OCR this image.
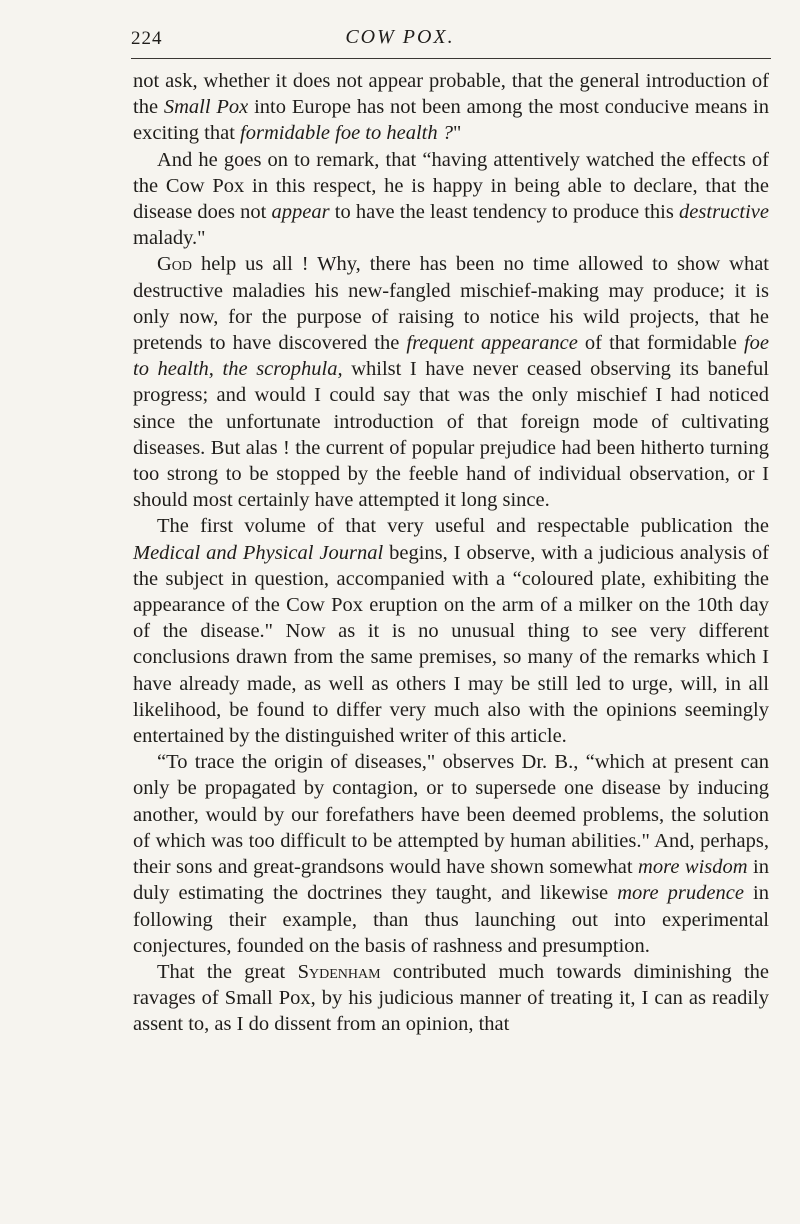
224	COW POX.

not ask, whether it does not appear probable, that the general introduction of the Small Pox into Europe has not been among the most conducive means in exciting that formidable foe to health ?"

And he goes on to remark, that “having attentively watched the effects of the Cow Pox in this respect, he is happy in being able to declare, that the disease does not appear to have the least tendency to produce this destructive malady."

God help us all ! Why, there has been no time allowed to show what destructive maladies his new-fangled mischief-making may produce; it is only now, for the purpose of raising to notice his wild projects, that he pretends to have discovered the frequent appearance of that formidable foe to health, the scrophula, whilst I have never ceased observing its baneful progress; and would I could say that was the only mischief I had noticed since the unfortunate introduction of that foreign mode of cultivating diseases. But alas ! the current of popular prejudice had been hitherto turning too strong to be stopped by the feeble hand of individual observation, or I should most certainly have attempted it long since.

The first volume of that very useful and respectable publication the Medical and Physical Journal begins, I observe, with a judicious analysis of the subject in question, accompanied with a “coloured plate, exhibiting the appearance of the Cow Pox eruption on the arm of a milker on the 10th day of the disease." Now as it is no unusual thing to see very different conclusions drawn from the same premises, so many of the remarks which I have already made, as well as others I may be still led to urge, will, in all likelihood, be found to differ very much also with the opinions seemingly entertained by the distinguished writer of this article.

“To trace the origin of diseases," observes Dr. B., “which at present can only be propagated by contagion, or to supersede one disease by inducing another, would by our forefathers have been deemed problems, the solution of which was too difficult to be attempted by human abilities." And, perhaps, their sons and great-grandsons would have shown somewhat more wisdom in duly estimating the doctrines they taught, and likewise more prudence in following their example, than thus launching out into experimental conjectures, founded on the basis of rashness and presumption.

That the great Sydenham contributed much towards diminishing the ravages of Small Pox, by his judicious manner of treating it, I can as readily assent to, as I do dissent from an opinion, that
